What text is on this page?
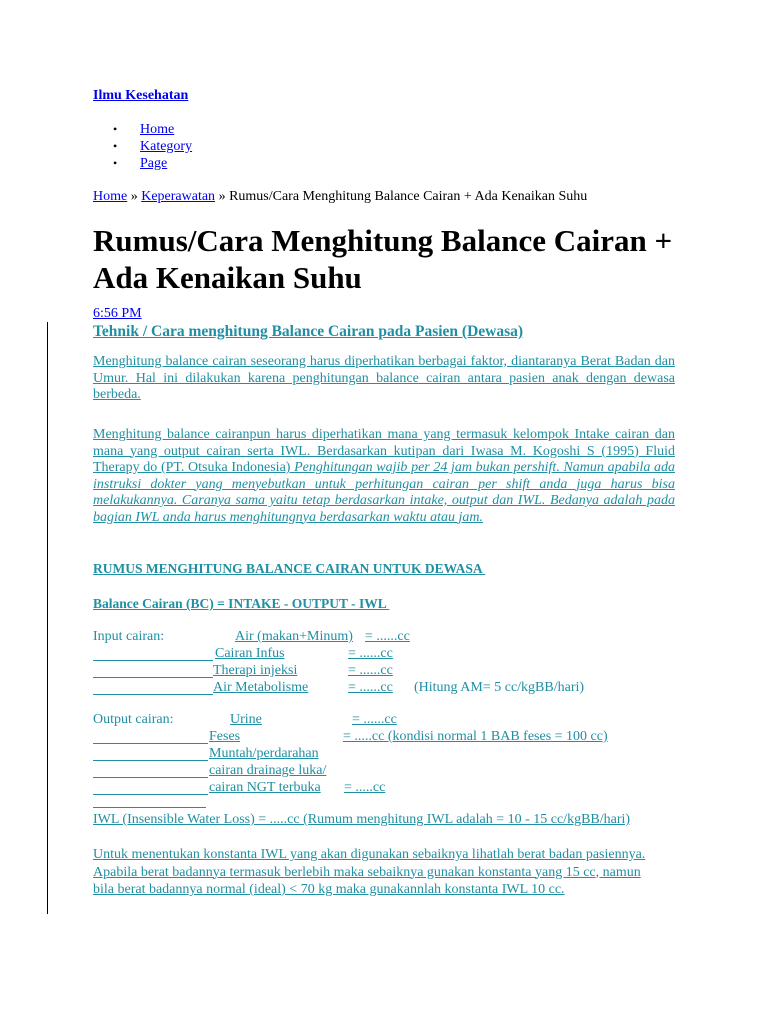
Ilmu Kesehatan
• Home
• Kategory
• Page
Home » Keperawatan » Rumus/Cara Menghitung Balance Cairan + Ada Kenaikan Suhu
Rumus/Cara Menghitung Balance Cairan + Ada Kenaikan Suhu
6:56 PM
Tehnik / Cara menghitung Balance Cairan pada Pasien (Dewasa)

Menghitung balance cairan seseorang harus diperhatikan berbagai faktor, diantaranya Berat Badan dan Umur. Hal ini dilakukan karena penghitungan balance cairan antara pasien anak dengan dewasa berbeda.

Menghitung balance cairanpun harus diperhatikan mana yang termasuk kelompok Intake cairan dan mana yang output cairan serta IWL. Berdasarkan kutipan dari Iwasa M. Kogoshi S (1995) Fluid Therapy do (PT. Otsuka Indonesia) Penghitungan wajib per 24 jam bukan pershift. Namun apabila ada instruksi dokter yang menyebutkan untuk perhitungan cairan per shift anda juga harus bisa melakukannya. Caranya sama yaitu tetap berdasarkan intake, output dan IWL. Bedanya adalah pada bagian IWL anda harus menghitungnya berdasarkan waktu atau jam.

RUMUS MENGHITUNG BALANCE CAIRAN UNTUK DEWASA
Balance Cairan (BC) = INTAKE - OUTPUT - IWL
Input cairan:	Air (makan+Minum) = ......cc
Cairan Infus	= ......cc
Therapi injeksi	= ......cc
Air Metabolisme	= ......cc (Hitung AM= 5 cc/kgBB/hari)
Output cairan:	Urine	= ......cc
Feses	= .....cc (kondisi normal 1 BAB feses = 100 cc)
Muntah/perdarahan
cairan drainage luka/
cairan NGT terbuka = .....cc

IWL (Insensible Water Loss) = .....cc (Rumum menghitung IWL adalah = 10 - 15 cc/kgBB/hari)

Untuk menentukan konstanta IWL yang akan digunakan sebaiknya lihatlah berat badan pasiennya. Apabila berat badannya termasuk berlebih maka sebaiknya gunakan konstanta yang 15 cc, namun bila berat badannya normal (ideal) < 70 kg maka gunakannlah konstanta IWL 10 cc.
